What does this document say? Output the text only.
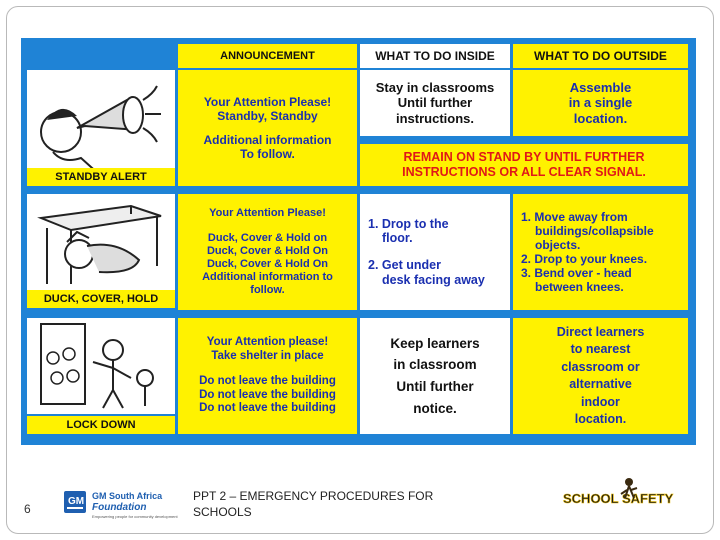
ANNOUNCEMENT	WHAT TO DO INSIDE	WHAT TO DO OUTSIDE
STANDBY ALERT
Your Attention Please!
Standby, Standby
Additional information
To follow.
Stay in classrooms
Until further
instructions.
Assemble
in a single
location.
REMAIN ON STAND BY UNTIL FURTHER
INSTRUCTIONS OR ALL CLEAR SIGNAL.
DUCK, COVER, HOLD
Your Attention Please!
Duck, Cover & Hold on
Duck, Cover & Hold On
Duck, Cover & Hold On
Additional information to
follow.
1. Drop to the
floor.
2. Get under
desk facing away
1. Move away from
buildings/collapsible
objects.
2. Drop to your knees.
3. Bend over - head
between knees.
LOCK DOWN
Your Attention please!
Take shelter in place
Do not leave the building
Do not leave the building
Do not leave the building
Keep learners
in classroom
Until further
notice.
Direct learners
to nearest
classroom or
alternative
indoor
location.
6
GM GM South Africa
Foundation
Empowering people for community development
PPT 2 – EMERGENCY PROCEDURES FOR
SCHOOLS
SCHOOL SAFETY
